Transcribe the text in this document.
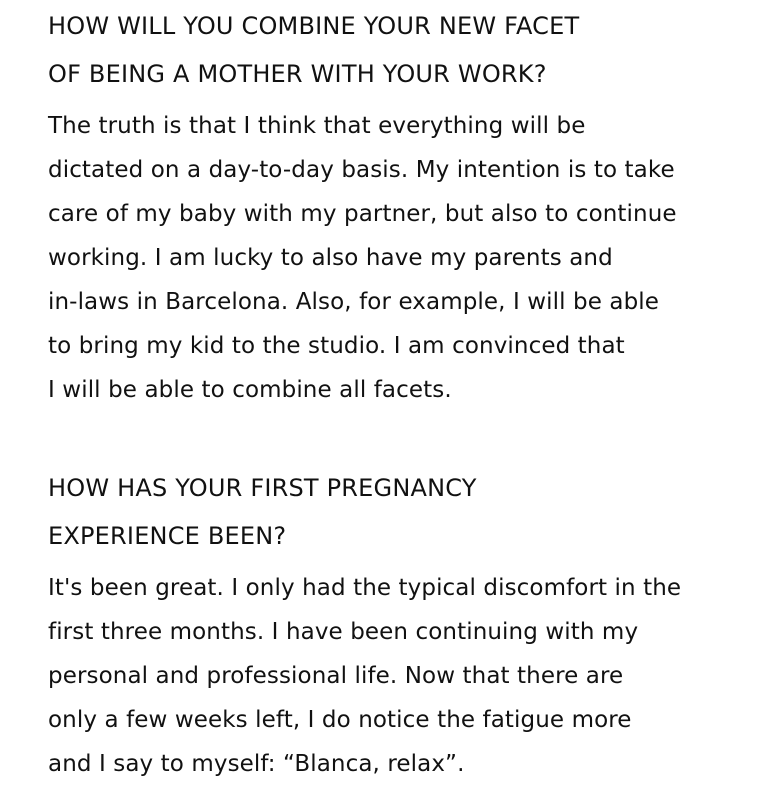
HOW WILL YOU COMBINE YOUR NEW FACET
OF BEING A MOTHER WITH YOUR WORK?

The truth is that I think that everything will be
dictated on a day-to-day basis. My intention is to take
care of my baby with my partner, but also to continue
working. I am lucky to also have my parents and
in-laws in Barcelona. Also, for example, I will be able
to bring my kid to the studio. I am convinced that
I will be able to combine all facets.

HOW HAS YOUR FIRST PREGNANCY
EXPERIENCE BEEN?

It's been great. I only had the typical discomfort in the
first three months. I have been continuing with my
personal and professional life. Now that there are
only a few weeks left, I do notice the fatigue more
and I say to myself: “Blanca, relax”.
